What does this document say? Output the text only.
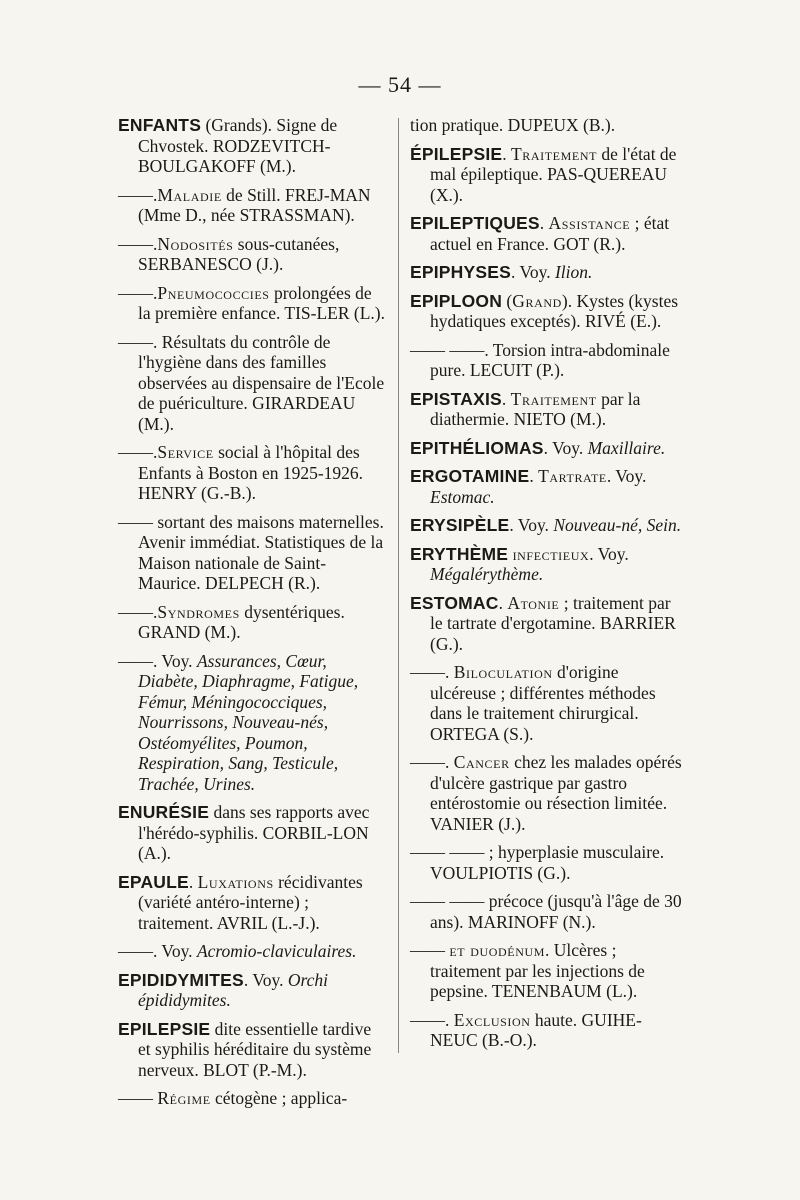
— 54 —
ENFANTS (Grands). Signe de Chvostek. RODZEVITCH-BOULGAKOFF (M.).
——.Maladie de Still. FREJ-MAN (Mme D., née STRASSMAN).
——.Nodosités sous-cutanées, SERBANESCO (J.).
——.Pneumococcies prolongées de la première enfance. TIS-LER (L.).
——. Résultats du contrôle de l'hygiène dans des familles observées au dispensaire de l'Ecole de puériculture. GIRARDEAU (M.).
——.Service social à l'hôpital des Enfants à Boston en 1925-1926. HENRY (G.-B.).
—— sortant des maisons maternelles. Avenir immédiat. Statistiques de la Maison nationale de Saint-Maurice. DELPECH (R.).
——.Syndromes dysentériques. GRAND (M.).
——. Voy. Assurances, Cœur, Diabète, Diaphragme, Fatigue, Fémur, Méningococciques, Nourrissons, Nouveau-nés, Ostéomyélites, Poumon, Respiration, Sang, Testicule, Trachée, Urines.
ENURÉSIE dans ses rapports avec l'hérédo-syphilis. CORBIL-LON (A.).
EPAULE. Luxations récidivantes (variété antéro-interne) ; traitement. AVRIL (L.-J.).
——. Voy. Acromio-claviculaires.
EPIDIDYMITES. Voy. Orchi épididymites.
EPILEPSIE dite essentielle tardive et syphilis héréditaire du système nerveux. BLOT (P.-M.).
—— Régime cétogène ; applica-
tion pratique. DUPEUX (B.).
ÉPILEPSIE. Traitement de l'état de mal épileptique. PAS-QUEREAU (X.).
EPILEPTIQUES. Assistance ; état actuel en France. GOT (R.).
EPIPHYSES. Voy. Ilion.
EPIPLOON (Grand). Kystes (kystes hydatiques exceptés). RIVÉ (E.).
—— ——. Torsion intra-abdominale pure. LECUIT (P.).
EPISTAXIS. Traitement par la diathermie. NIETO (M.).
EPITHÉLIOMAS. Voy. Maxillaire.
ERGOTAMINE. Tartrate. Voy. Estomac.
ERYSIPÈLE. Voy. Nouveau-né, Sein.
ERYTHÈME infectieux. Voy. Mégalérythème.
ESTOMAC. Atonie ; traitement par le tartrate d'ergotamine. BARRIER (G.).
——. Biloculation d'origine ulcéreuse ; différentes méthodes dans le traitement chirurgical. ORTEGA (S.).
——. Cancer chez les malades opérés d'ulcère gastrique par gastro entérostomie ou résection limitée. VANIER (J.).
—— —— ; hyperplasie musculaire. VOULPIOTIS (G.).
—— —— précoce (jusqu'à l'âge de 30 ans). MARINOFF (N.).
—— et duodénum. Ulcères ; traitement par les injections de pepsine. TENENBAUM (L.).
——. Exclusion haute. GUIHE-NEUC (B.-O.).
